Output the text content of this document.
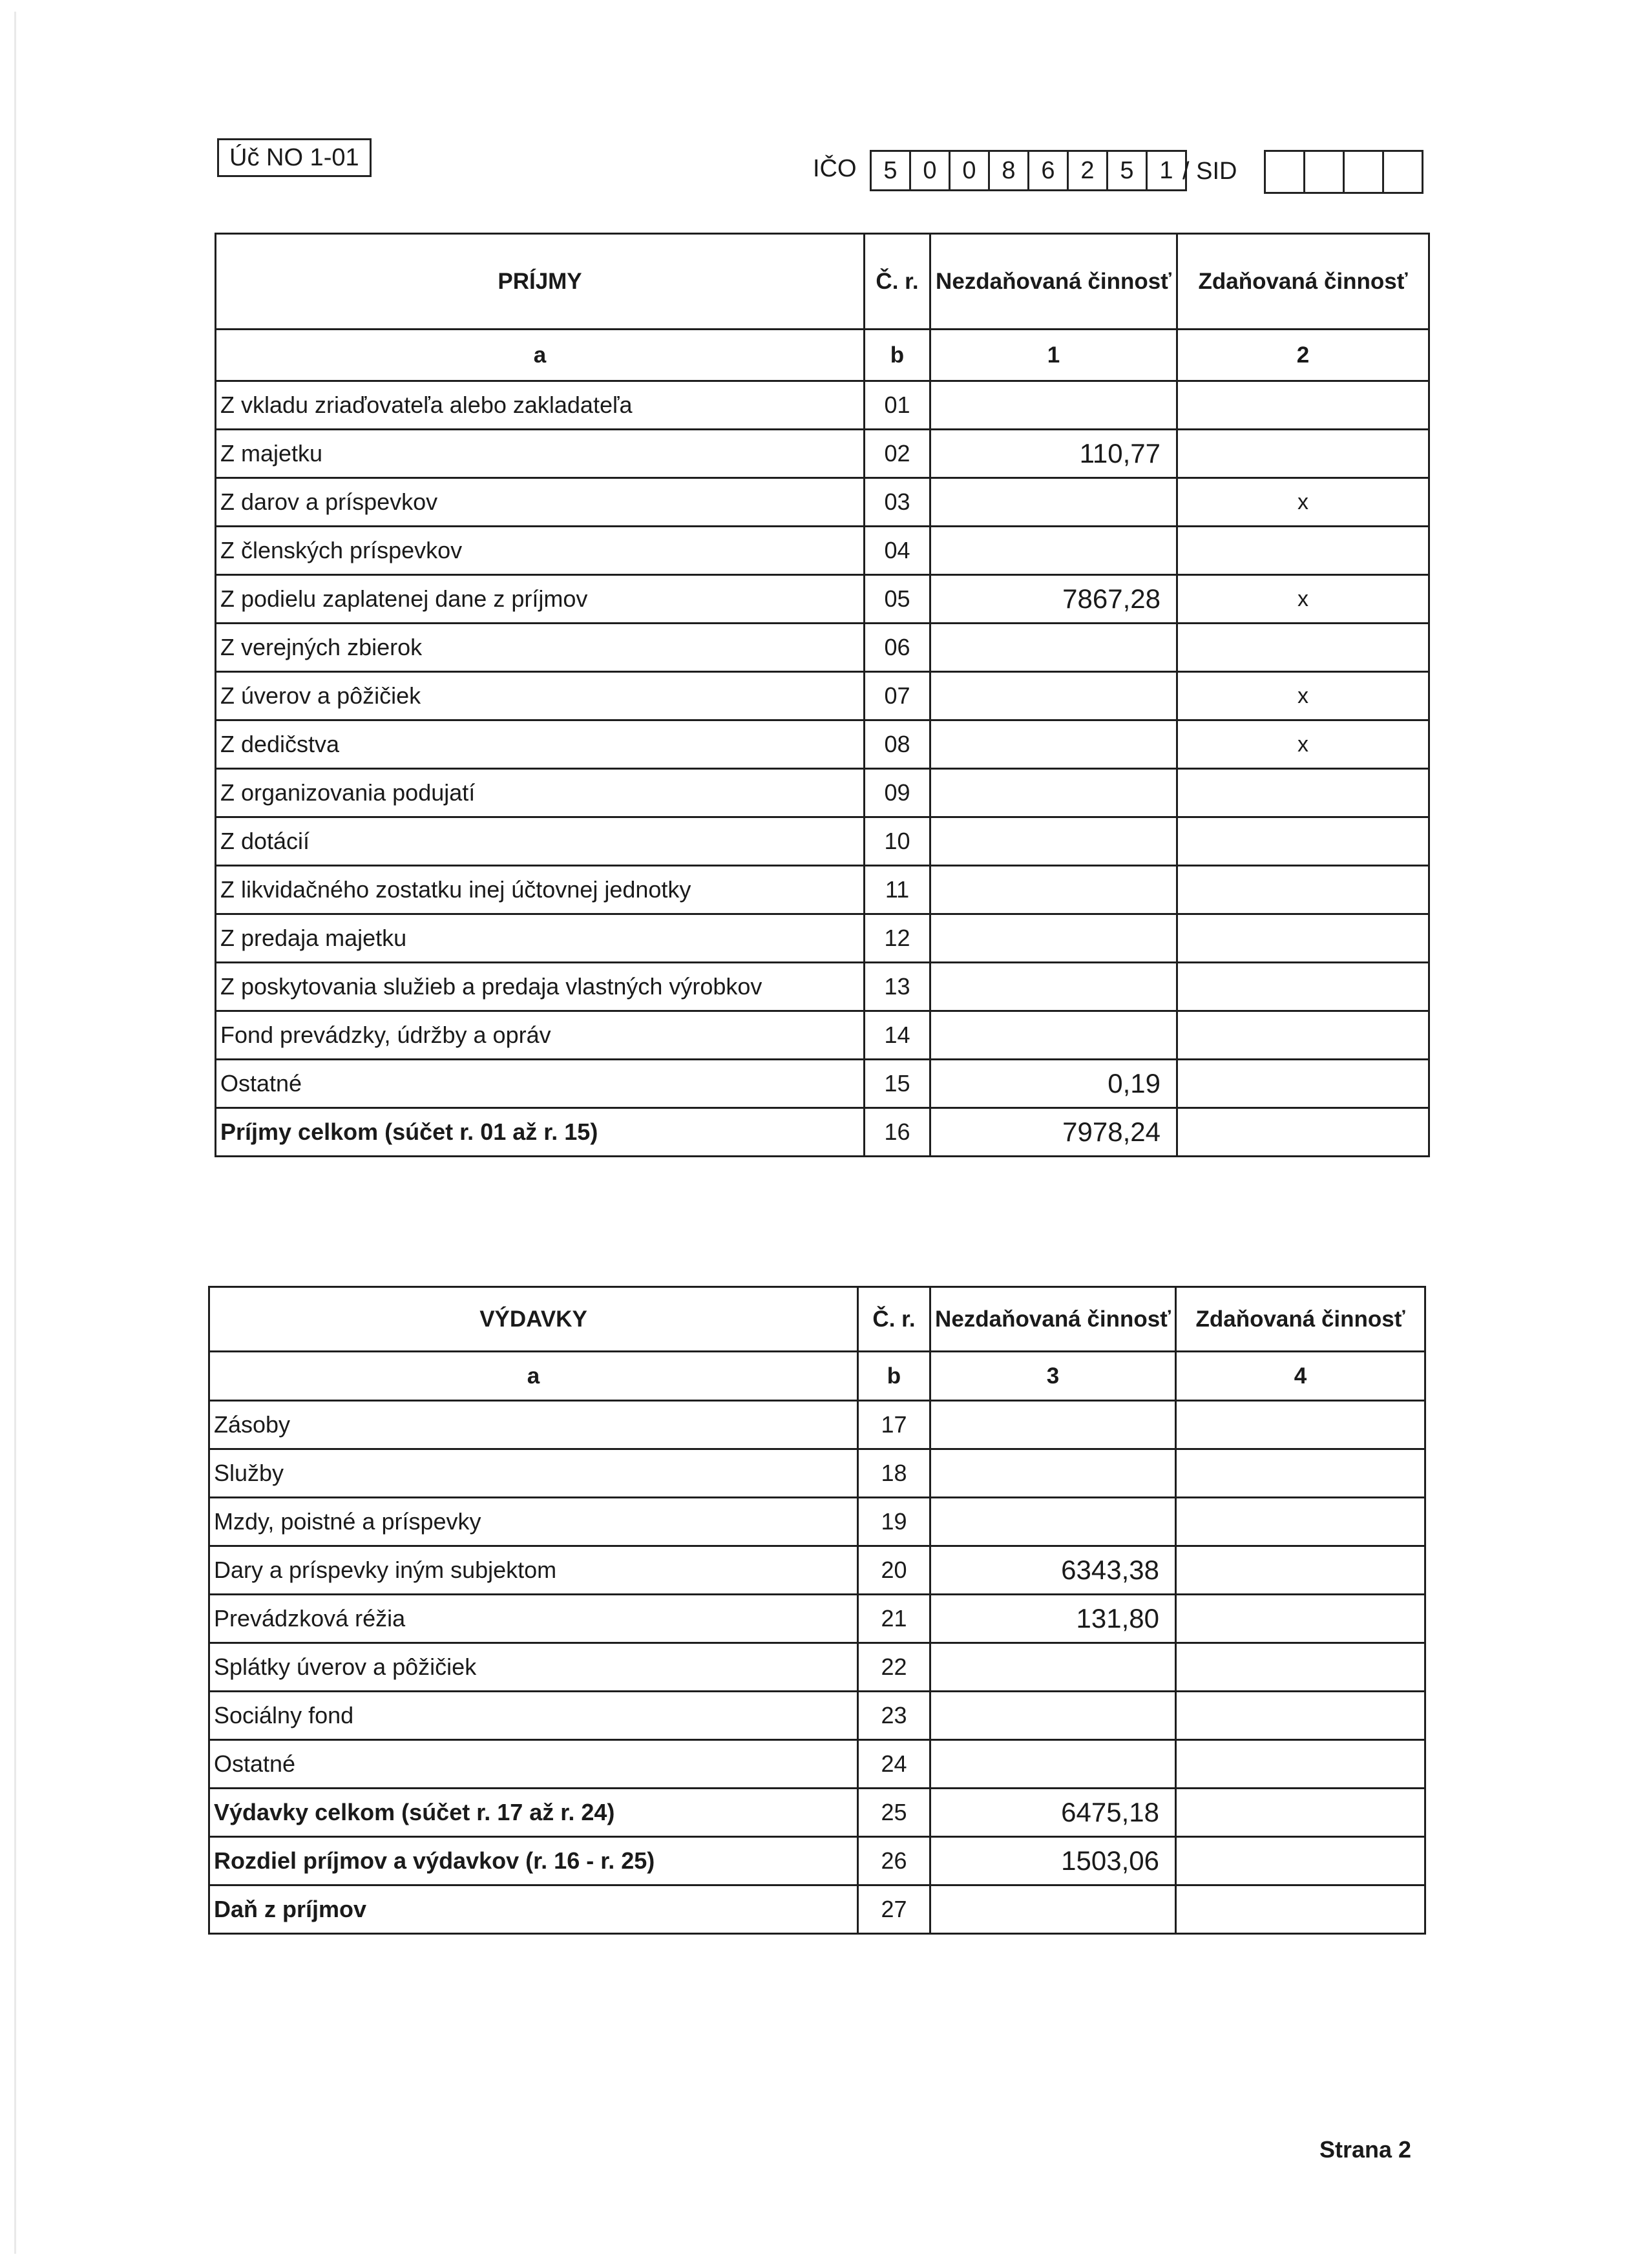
Úč NO 1-01	IČO	5	0	0	8	6	2	5	1 / SID
PRÍJMY	Č. r.	Nezdaňovaná činnosť	Zdaňovaná činnosť
a	b	1	2
Z vkladu zriaďovateľa alebo zakladateľa	01		
Z majetku	02	110,77	
Z darov a príspevkov	03		x
Z členských príspevkov	04		
Z podielu zaplatenej dane z príjmov	05	7867,28	x
Z verejných zbierok	06		
Z úverov a pôžičiek	07		x
Z dedičstva	08		x
Z organizovania podujatí	09		
Z dotácií	10		
Z likvidačného zostatku inej účtovnej jednotky	11		
Z predaja majetku	12		
Z poskytovania služieb a predaja vlastných výrobkov	13		
Fond prevádzky, údržby a opráv	14		
Ostatné	15	0,19	
Príjmy celkom (súčet r. 01 až r. 15)	16	7978,24	
VÝDAVKY	Č. r.	Nezdaňovaná činnosť	Zdaňovaná činnosť
a	b	3	4
Zásoby	17		
Služby	18		
Mzdy, poistné a príspevky	19		
Dary a príspevky iným subjektom	20	6343,38	
Prevádzková réžia	21	131,80	
Splátky úverov a pôžičiek	22		
Sociálny fond	23		
Ostatné	24		
Výdavky celkom (súčet r. 17 až r. 24)	25	6475,18	
Rozdiel príjmov a výdavkov (r. 16 - r. 25)	26	1503,06	
Daň z príjmov	27		
Strana 2
